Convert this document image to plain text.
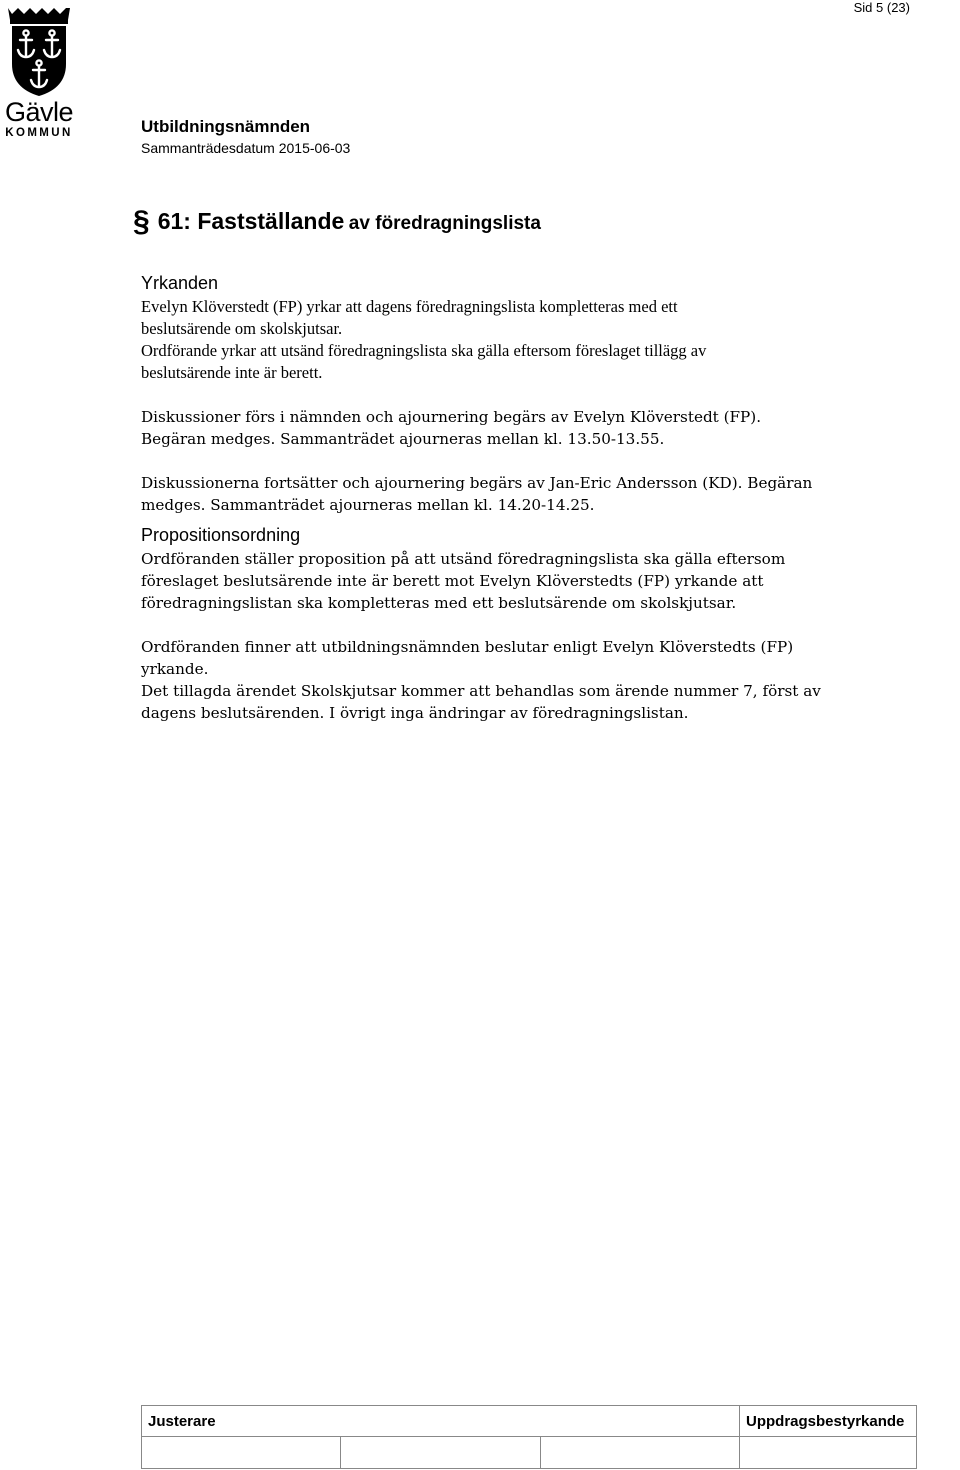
Sid 5 (23)
Gävle
KOMMUN	Utbildningsnämnden
Sammanträdesdatum 2015-06-03
§ 61: Fastställande av föredragningslista
Yrkanden

Evelyn Klöverstedt (FP) yrkar att dagens föredragningslista kompletteras med ett

beslutsärende om skolskjutsar.

Ordförande yrkar att utsänd föredragningslista ska gälla eftersom föreslaget tillägg av

beslutsärende inte är berett.

Diskussioner förs i nämnden och ajournering begärs av Evelyn Klöverstedt (FP).

Begäran medges. Sammanträdet ajourneras mellan kl. 13.50-13.55.

Diskussionerna fortsätter och ajournering begärs av Jan-Eric Andersson (KD). Begäran

medges. Sammanträdet ajourneras mellan kl. 14.20-14.25.

Propositionsordning

Ordföranden ställer proposition på att utsänd föredragningslista ska gälla eftersom

föreslaget beslutsärende inte är berett mot Evelyn Klöverstedts (FP) yrkande att

föredragningslistan ska kompletteras med ett beslutsärende om skolskjutsar.

Ordföranden finner att utbildningsnämnden beslutar enligt Evelyn Klöverstedts (FP)

yrkande.

Det tillagda ärendet Skolskjutsar kommer att behandlas som ärende nummer 7, först av

dagens beslutsärenden. I övrigt inga ändringar av föredragningslistan.

Justerare			Uppdragsbestyrkande
